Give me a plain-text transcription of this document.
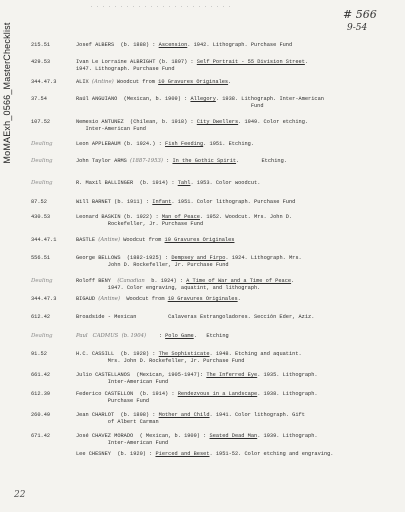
MoMAExh_0566_MasterChecklist
· · · · · · · · · · · · · · · · · · · · · · · ·
# 566
9-54
215.51	Josef ALBERS  (b. 1888) : Ascension. 1942. Lithograph. Purchase Fund
429.53	Ivan Le Lorraine ALBRIGHT (b. 1897) : Self Portrait - 55 Division Street.
1947. Lithograph. Purchase Fund
344.47.3	ALIX (Antine) Woodcut from 10 Gravures Originales.
37.54	Raúl ANGUIANO  (Mexican, b. 1909) : Allegory. 1938. Lithograph. Inter-American
Fund
107.52	Nemesio ANTUNEZ  (Chilean, b. 1918) : City Dwellers. 1949. Color etching.
Inter-American Fund
Dealing	Leon APPLEBAUM (b. 1924.) : Fish Feeding. 1951. Etching.
Dealing	John Taylor ARMS (1887-1953) : In the Gothic Spirit.       Etching.
Dealing	R. Maxil BALLINGER  (b. 1914) : Tahl. 1953. Color woodcut.
87.52	Will BARNET (b. 1911) : Infant. 1951. Color lithograph. Purchase Fund
430.53	Leonard BASKIN (b. 1922) : Man of Peace. 1952. Woodcut. Mrs. John D.
Rockefeller, Jr. Purchase Fund
344.47.1	BASTLE (Antine) Woodcut from 10 Gravures Originales
556.51	George BELLOWS  (1882-1925) : Dempsey and Firpo. 1924. Lithograph. Mrs.
John D. Rockefeller, Jr. Purchase Fund
Dealing	Roloff BENY  (Canadian  b. 1924) : A Time of War and a Time of Peace.
1947. Color engraving, aquatint, and lithograph.
344.47.3	BIGAUD (Antine)  Woodcut from 10 Gravures Originales.
612.42	Broadside - Mexican          Calaveras Estrangoladores. Sección Eder, Aziz.
Dealing	Paul   CADMUS  (b. 1904)    : Polo Game.   Etching
91.52	H.C. CASSILL  (b. 1928) : The Sophisticate. 1948. Etching and aquatint.
Mrs. John D. Rockefeller, Jr. Purchase Fund
661.42	Julio CASTELLANOS  (Mexican, 1905-1947): The Inferred Eye. 1935. Lithograph.
Inter-American Fund
612.39	Federico CASTELLON  (b. 1914) : Rendezvous in a Landscape. 1938. Lithograph.
Purchase Fund
260.49	Jean CHARLOT  (b. 1898) : Mother and Child. 1941. Color lithograph. Gift
of Albert Carman
671.42	José CHAVEZ MORADO  ( Mexican, b. 1909) : Seated Dead Man. 1939. Lithograph.
Inter-American Fund
Lee CHESNEY  (b. 1920) : Pierced and Beset. 1951-52. Color etching and engraving.
22
